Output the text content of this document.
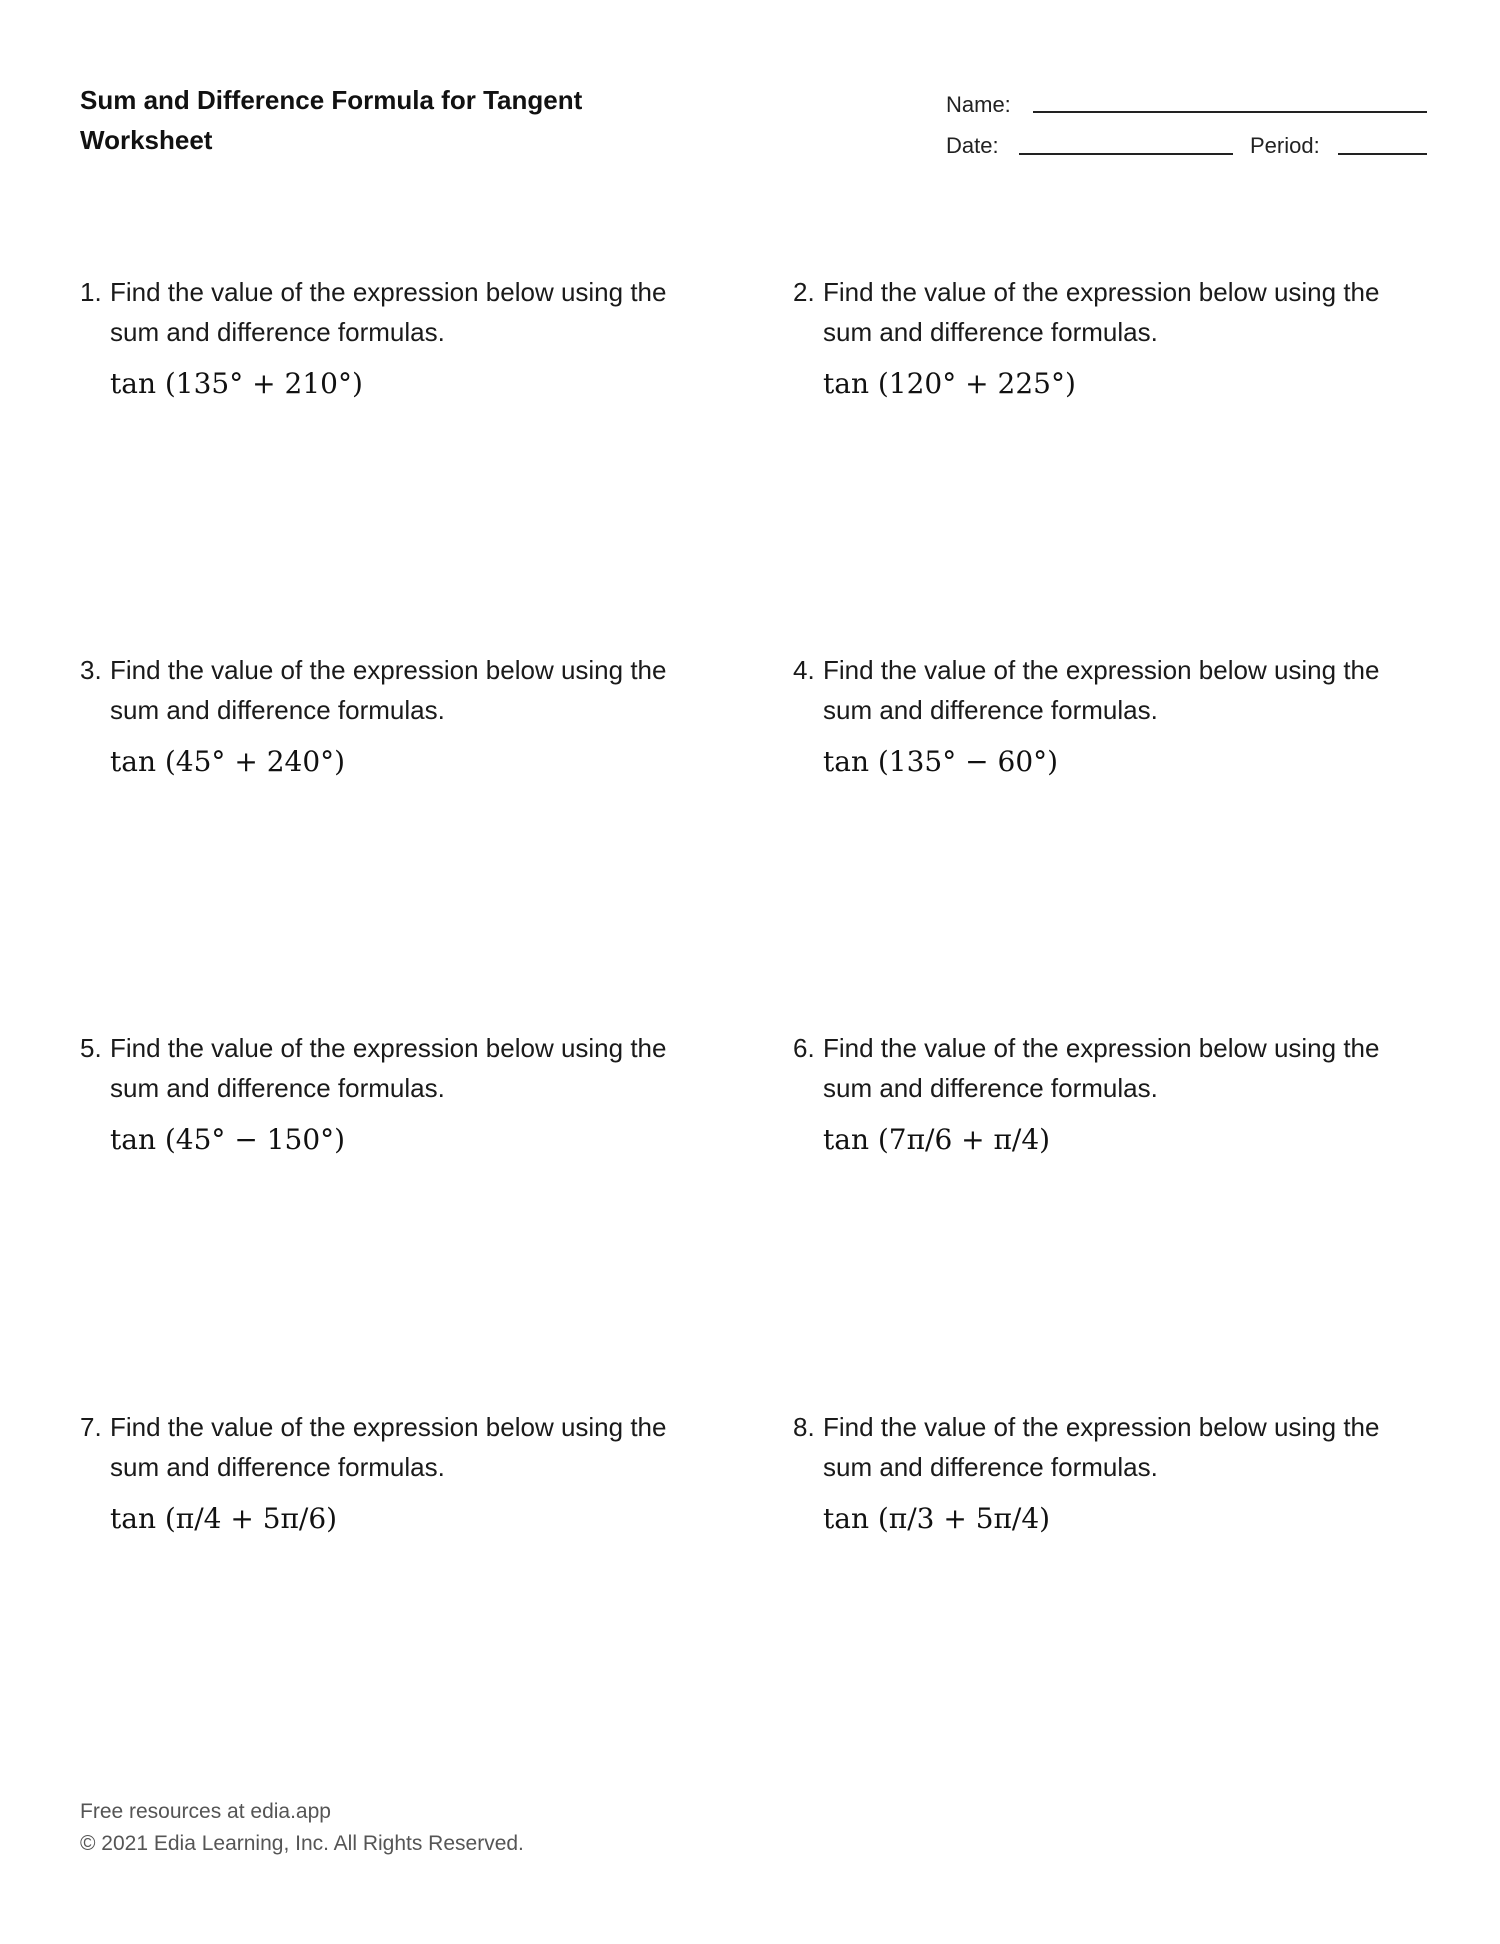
Sum and Difference Formula for Tangent
Worksheet
Name:
Date:	Period:
1. Find the value of the expression below using the
sum and difference formulas.
tan (135° + 210°)
2. Find the value of the expression below using the
sum and difference formulas.
tan (120° + 225°)
3. Find the value of the expression below using the
sum and difference formulas.
tan (45° + 240°)
4. Find the value of the expression below using the
sum and difference formulas.
tan (135° − 60°)
5. Find the value of the expression below using the
sum and difference formulas.
tan (45° − 150°)
6. Find the value of the expression below using the
sum and difference formulas.
tan (7π/6 + π/4)
7. Find the value of the expression below using the
sum and difference formulas.
tan (π/4 + 5π/6)
8. Find the value of the expression below using the
sum and difference formulas.
tan (π/3 + 5π/4)
Free resources at edia.app
© 2021 Edia Learning, Inc. All Rights Reserved.
